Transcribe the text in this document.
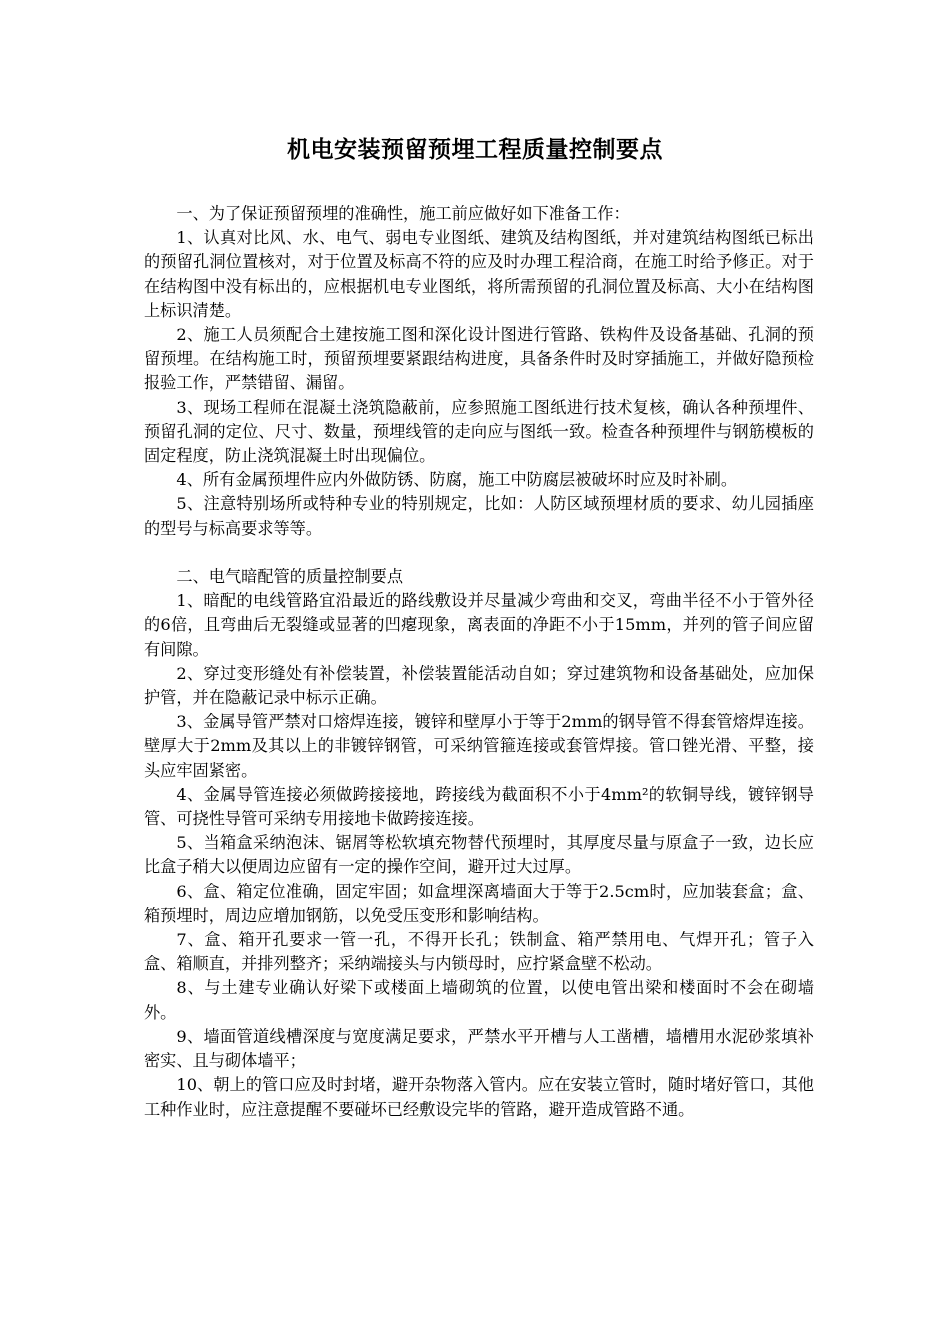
机电安装预留预埋工程质量控制要点

一、为了保证预留预埋的准确性，施工前应做好如下准备工作：

1、认真对比风、水、电气、弱电专业图纸、建筑及结构图纸，并对建筑结构图纸已标出的预留孔洞位置核对，对于位置及标高不符的应及时办理工程洽商，在施工时给予修正。对于在结构图中没有标出的，应根据机电专业图纸，将所需预留的孔洞位置及标高、大小在结构图上标识清楚。

2、施工人员须配合土建按施工图和深化设计图进行管路、铁构件及设备基础、孔洞的预留预埋。在结构施工时，预留预埋要紧跟结构进度，具备条件时及时穿插施工，并做好隐预检报验工作，严禁错留、漏留。

3、现场工程师在混凝土浇筑隐蔽前，应参照施工图纸进行技术复核，确认各种预埋件、预留孔洞的定位、尺寸、数量，预埋线管的走向应与图纸一致。检查各种预埋件与钢筋模板的固定程度，防止浇筑混凝土时出现偏位。

4、所有金属预埋件应内外做防锈、防腐，施工中防腐层被破坏时应及时补刷。

5、注意特别场所或特种专业的特别规定，比如：人防区域预埋材质的要求、幼儿园插座的型号与标高要求等等。

二、电气暗配管的质量控制要点

1、暗配的电线管路宜沿最近的路线敷设并尽量减少弯曲和交叉，弯曲半径不小于管外径的6倍，且弯曲后无裂缝或显著的凹瘪现象，离表面的净距不小于15mm，并列的管子间应留有间隙。

2、穿过变形缝处有补偿装置，补偿装置能活动自如；穿过建筑物和设备基础处，应加保护管，并在隐蔽记录中标示正确。

3、金属导管严禁对口熔焊连接，镀锌和壁厚小于等于2mm的钢导管不得套管熔焊连接。壁厚大于2mm及其以上的非镀锌钢管，可采纳管箍连接或套管焊接。管口锉光滑、平整，接头应牢固紧密。

4、金属导管连接必须做跨接接地，跨接线为截面积不小于4mm²的软铜导线，镀锌钢导管、可挠性导管可采纳专用接地卡做跨接连接。

5、当箱盒采纳泡沫、锯屑等松软填充物替代预埋时，其厚度尽量与原盒子一致，边长应比盒子稍大以便周边应留有一定的操作空间，避开过大过厚。

6、盒、箱定位准确，固定牢固；如盒埋深离墙面大于等于2.5cm时，应加装套盒；盒、箱预埋时，周边应增加钢筋，以免受压变形和影响结构。

7、盒、箱开孔要求一管一孔，不得开长孔；铁制盒、箱严禁用电、气焊开孔；管子入盒、箱顺直，并排列整齐；采纳端接头与内锁母时，应拧紧盒壁不松动。

8、与土建专业确认好梁下或楼面上墙砌筑的位置，以使电管出梁和楼面时不会在砌墙外。

9、墙面管道线槽深度与宽度满足要求，严禁水平开槽与人工凿槽，墙槽用水泥砂浆填补密实、且与砌体墙平；

10、朝上的管口应及时封堵，避开杂物落入管内。应在安装立管时，随时堵好管口，其他工种作业时，应注意提醒不要碰坏已经敷设完毕的管路，避开造成管路不通。
